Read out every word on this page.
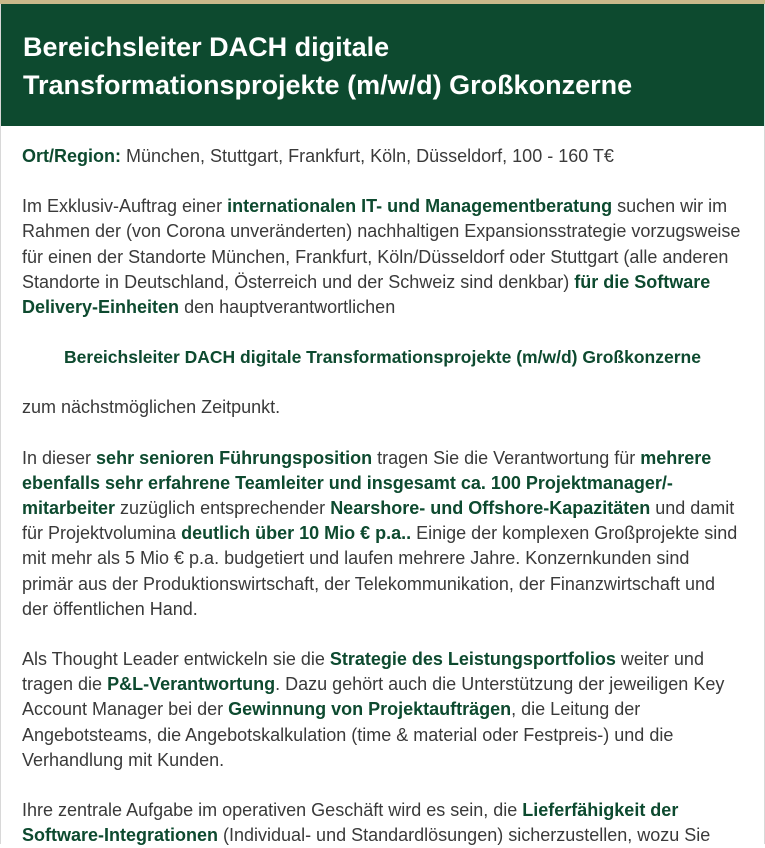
Bereichsleiter DACH digitale
Transformationsprojekte (m/w/d) Großkonzerne

Ort/Region: München, Stuttgart, Frankfurt, Köln, Düsseldorf, 100 - 160 T€

Im Exklusiv-Auftrag einer internationalen IT- und Managementberatung suchen wir im Rahmen der (von Corona unveränderten) nachhaltigen Expansionsstrategie vorzugsweise für einen der Standorte München, Frankfurt, Köln/Düsseldorf oder Stuttgart (alle anderen Standorte in Deutschland, Österreich und der Schweiz sind denkbar) für die Software Delivery-Einheiten den hauptverantwortlichen

Bereichsleiter DACH digitale Transformationsprojekte (m/w/d) Großkonzerne

zum nächstmöglichen Zeitpunkt.

In dieser sehr senioren Führungsposition tragen Sie die Verantwortung für mehrere ebenfalls sehr erfahrene Teamleiter und insgesamt ca. 100 Projektmanager/-mitarbeiter zuzüglich entsprechender Nearshore- und Offshore-Kapazitäten und damit für Projektvolumina deutlich über 10 Mio € p.a.. Einige der komplexen Großprojekte sind mit mehr als 5 Mio € p.a. budgetiert und laufen mehrere Jahre. Konzernkunden sind primär aus der Produktionswirtschaft, der Telekommunikation, der Finanzwirtschaft und der öffentlichen Hand.

Als Thought Leader entwickeln sie die Strategie des Leistungsportfolios weiter und tragen die P&L-Verantwortung. Dazu gehört auch die Unterstützung der jeweiligen Key Account Manager bei der Gewinnung von Projektaufträgen, die Leitung der Angebotsteams, die Angebotskalkulation (time & material oder Festpreis-) und die Verhandlung mit Kunden.

Ihre zentrale Aufgabe im operativen Geschäft wird es sein, die Lieferfähigkeit der Software-Integrationen (Individual- und Standardlösungen) sicherzustellen, wozu Sie
